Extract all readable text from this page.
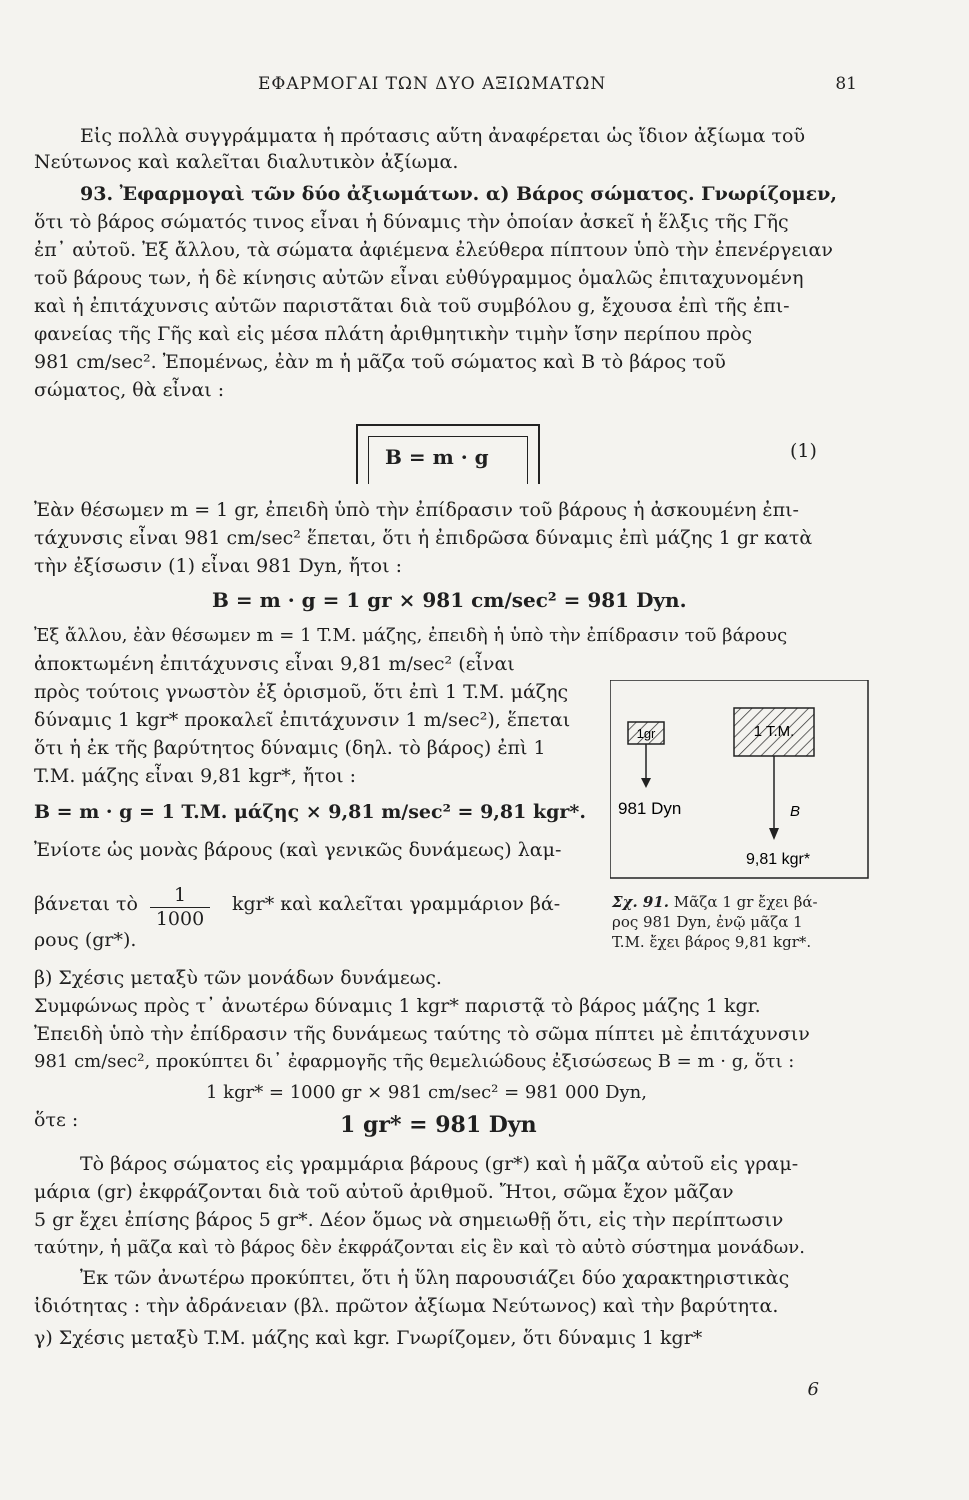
ΕΦΑΡΜΟΓΑΙ ΤΩΝ ΔΥΟ ΑΞΙΩΜΑΤΩΝ	81
Εἰς πολλὰ συγγράμματα ἡ πρότασις αὕτη ἀναφέρεται ὡς ἴδιον ἀξίωμα τοῦ
Νεύτωνος καὶ καλεῖται διαλυτικὸν ἀξίωμα.
93. Ἐφαρμογαὶ τῶν δύο ἀξιωμάτων. α) Βάρος σώματος. Γνωρίζομεν,
ὅτι τὸ βάρος σώματός τινος εἶναι ἡ δύναμις τὴν ὁποίαν ἀσκεῖ ἡ ἕλξις τῆς Γῆς
ἐπ᾽ αὐτοῦ. Ἐξ ἄλλου, τὰ σώματα ἀφιέμενα ἐλεύθερα πίπτουν ὑπὸ τὴν ἐπενέργειαν
τοῦ βάρους των, ἡ δὲ κίνησις αὐτῶν εἶναι εὐθύγραμμος ὁμαλῶς ἐπιταχυνομένη
καὶ ἡ ἐπιτάχυνσις αὐτῶν παριστᾶται διὰ τοῦ συμβόλου g, ἔχουσα ἐπὶ τῆς ἐπι-
φανείας τῆς Γῆς καὶ εἰς μέσα πλάτη ἀριθμητικὴν τιμὴν ἴσην περίπου πρὸς
981 cm/sec². Ἐπομένως, ἐὰν m ἡ μᾶζα τοῦ σώματος καὶ B τὸ βάρος τοῦ
σώματος, θὰ εἶναι :
B = m · g	(1)
Ἐὰν θέσωμεν m = 1 gr, ἐπειδὴ ὑπὸ τὴν ἐπίδρασιν τοῦ βάρους ἡ ἀσκουμένη ἐπι-
τάχυνσις εἶναι 981 cm/sec² ἕπεται, ὅτι ἡ ἐπιδρῶσα δύναμις ἐπὶ μάζης 1 gr κατὰ
τὴν ἐξίσωσιν (1) εἶναι 981 Dyn, ἤτοι :
B = m · g = 1 gr × 981 cm/sec² = 981 Dyn.
Ἐξ ἄλλου, ἐὰν θέσωμεν m = 1 T.M. μάζης, ἐπειδὴ ἡ ὑπὸ τὴν ἐπίδρασιν τοῦ βάρους
ἀποκτωμένη ἐπιτάχυνσις εἶναι 9,81 m/sec² (εἶναι
πρὸς τούτοις γνωστὸν ἐξ ὁρισμοῦ, ὅτι ἐπὶ 1 T.M. μάζης
δύναμις 1 kgr* προκαλεῖ ἐπιτάχυνσιν 1 m/sec²), ἕπεται
ὅτι ἡ ἐκ τῆς βαρύτητος δύναμις (δηλ. τὸ βάρος) ἐπὶ 1
T.M. μάζης εἶναι 9,81 kgr*, ἤτοι :
B = m · g = 1 T.M. μάζης × 9,81 m/sec² = 9,81 kgr*.
Ἐνίοτε ὡς μονὰς βάρους (καὶ γενικῶς δυνάμεως) λαμ-
βάνεται τὸ $\frac{1}{1000} kgr*$ καὶ καλεῖται γραμμάριον βά-
ρους (gr*).
1gr	1 T.M.
981 Dyn	B
9,81 kgr*
Σχ. 91. Μᾶζα 1 gr ἔχει βά-
ρος 981 Dyn, ἐνῷ μᾶζα 1
T.M. ἔχει βάρος 9,81 kgr*.
β) Σχέσις μεταξὺ τῶν μονάδων δυνάμεως.
Συμφώνως πρὸς τ᾽ ἀνωτέρω δύναμις 1 kgr* παριστᾷ τὸ βάρος μάζης 1 kgr.
Ἐπειδὴ ὑπὸ τὴν ἐπίδρασιν τῆς δυνάμεως ταύτης τὸ σῶμα πίπτει μὲ ἐπιτάχυνσιν
981 cm/sec², προκύπτει δι᾽ ἐφαρμογῆς τῆς θεμελιώδους ἐξισώσεως B = m · g, ὅτι :
1 kgr* = 1000 gr × 981 cm/sec² = 981 000 Dyn,
ὅτε :	1 gr* = 981 Dyn
Τὸ βάρος σώματος εἰς γραμμάρια βάρους (gr*) καὶ ἡ μᾶζα αὐτοῦ εἰς γραμ-
μάρια (gr) ἐκφράζονται διὰ τοῦ αὐτοῦ ἀριθμοῦ. Ἤτοι, σῶμα ἔχον μᾶζαν
5 gr ἔχει ἐπίσης βάρος 5 gr*. Δέον ὅμως νὰ σημειωθῇ ὅτι, εἰς τὴν περίπτωσιν
ταύτην, ἡ μᾶζα καὶ τὸ βάρος δὲν ἐκφράζονται εἰς ἓν καὶ τὸ αὐτὸ σύστημα μονάδων.
Ἐκ τῶν ἀνωτέρω προκύπτει, ὅτι ἡ ὕλη παρουσιάζει δύο χαρακτηριστικὰς
ἰδιότητας : τὴν ἀδράνειαν (βλ. πρῶτον ἀξίωμα Νεύτωνος) καὶ τὴν βαρύτητα.
γ) Σχέσις μεταξὺ T.M. μάζης καὶ kgr. Γνωρίζομεν, ὅτι δύναμις 1 kgr*
6
